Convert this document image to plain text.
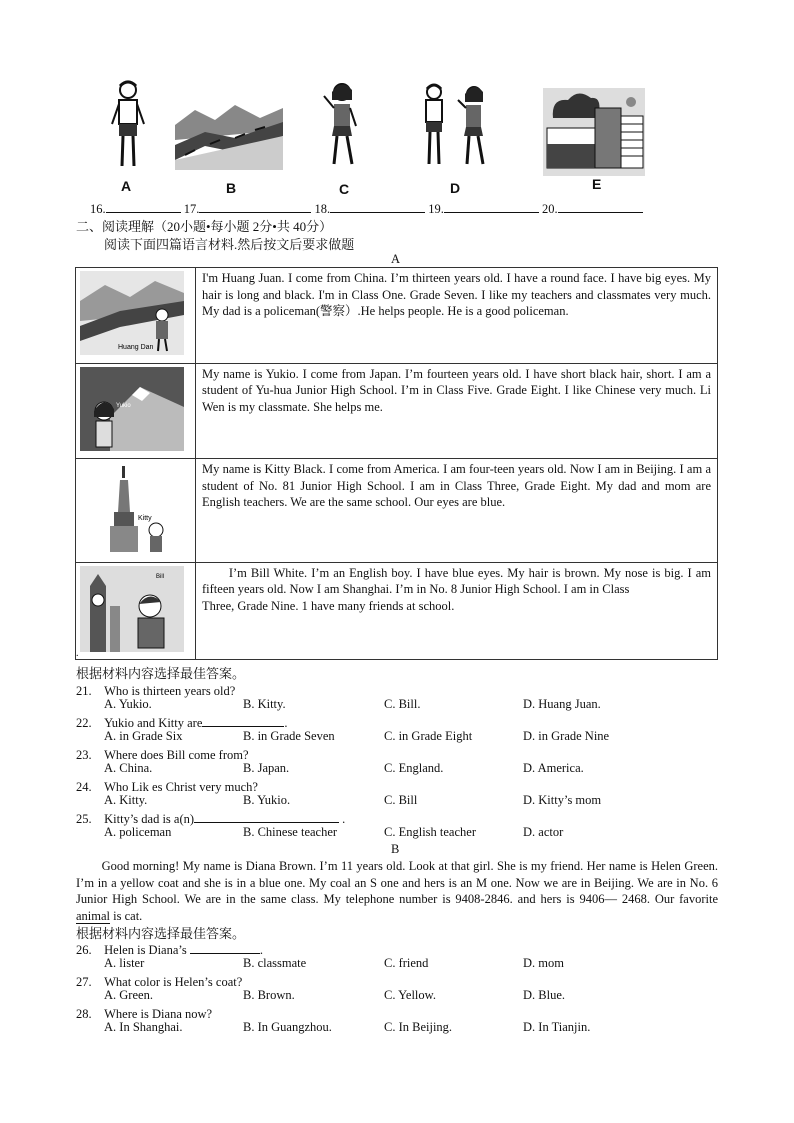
A	B	C	D	E
16.	17.	18.	19.	20.
二、阅读理解（20小题•每小题 2分•共 40分）
阅读下面四篇语言材料.然后按文后要求做题
A
Huang Dan	I'm Huang Juan. I come from China. I’m thirteen years old. I have a round face. I have big eyes. My hair is long and black. I'm in Class One. Grade Seven. I like my teachers and classmates very much. My dad is a policeman(警察）.He helps people. He is a good policeman.

Yukio	My name is Yukio. I come from Japan. I’m fourteen years old. I have short black hair, short. I am a student of Yu-hua Junior High School. I’m in Class Five. Grade Eight. I like Chinese very much. Li Wen is my classmate. She helps me.

Kitty	My name is Kitty Black. I come from America. I am four-teen years old. Now I am in Beijing. I am a student of No. 81 Junior High School. I am in Class Three, Grade Eight. My dad and mom are English teachers. We are the same school. Our eyes are blue.

Bill	　　I’m Bill White. I’m an English boy. I have blue eyes. My hair is brown. My nose is big. I am fifteen years old. Now I am Shanghai. I’m in No. 8 Junior High School. I am in Class
Three, Grade Nine. 1 have many friends at school.
.
根据材料内容选择最佳答案。
21.　Who is thirteen years old?
A. Yukio.	B. Kitty.	C. Bill.	D. Huang Juan.
22.　Yukio and Kitty are	.
A. in Grade Six	B. in Grade Seven	C. in Grade Eight	D. in Grade Nine
23.　Where does Bill come from?
A. China.	B. Japan.	C. England.	D. America.
24.　Who Lik es Christ very much?
A. Kitty.	B. Yukio.	C. Bill	D. Kitty’s mom
25.　Kitty’s dad is a(n)	.
A. policeman	B. Chinese teacher	C. English teacher	D. actor
B
　　Good morning! My name is Diana Brown. I’m 11 years old. Look at that girl. She is my friend. Her name is Helen Green. I’m in a yellow coat and she is in a blue one. My coal an S one and hers is an M one. Now we are in Beijing. We are in No. 6 Junior High School. We are in the same class. My telephone number is 9408-2846. and hers is 9406— 2468. Our favorite animal is cat.
根据材料内容选择最佳答案。
26.　Helen is Diana’s	.
A. lister	B. classmate	C. friend	D. mom
27.　What color is Helen’s coat?
A. Green.	B. Brown.	C. Yellow.	D. Blue.
28.　Where is Diana now?
A. In Shanghai.	B. In Guangzhou.	C. In Beijing.	D. In Tianjin.
